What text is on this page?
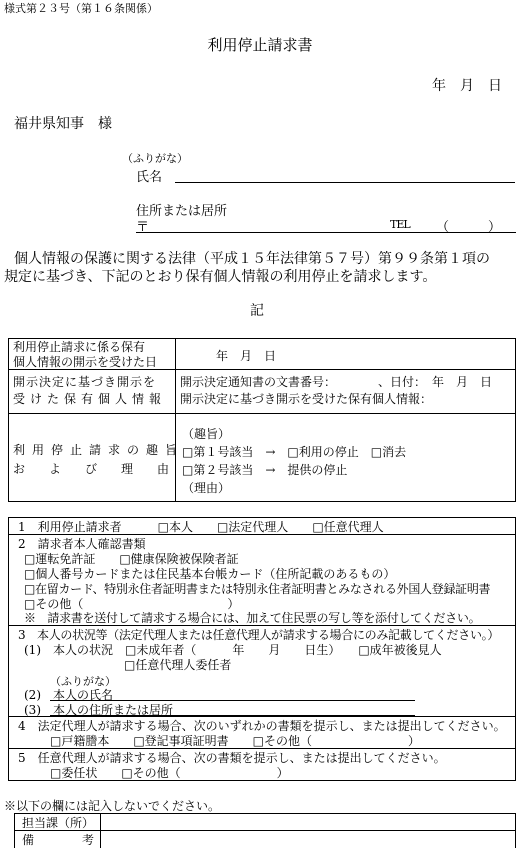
様式第２３号（第１６条関係）
利用停止請求書
年　月　日
福井県知事　様
（ふりがな）
氏名
住所または居所
〒	TEL （　　　）
個人情報の保護に関する法律（平成１５年法律第５７号）第９９条第１項の
規定に基づき、下記のとおり保有個人情報の利用停止を請求します。
記
利用停止請求に係る保有
個人情報の開示を受けた日	年　月　日
開示決定に基づき開示を
受けた保有個人情報
開示決定通知書の文書番号：　　　　、日付：　年　月　日
開示決定に基づき開示を受けた保有個人情報：
利用停止請求の趣旨
および理由
（趣旨）
□第１号該当　→　□利用の停止　□消去
□第２号該当　→　提供の停止
（理由）
1　利用停止請求者　　　□本人　　□法定代理人　　□任意代理人
2　請求者本人確認書類
□運転免許証　　□健康保険被保険者証
□個人番号カードまたは住民基本台帳カード（住所記載のあるもの）
□在留カード、特別永住者証明書または特別永住者証明書とみなされる外国人登録証明書
□その他（　　　　　　　　　　　　）
※　請求書を送付して請求する場合には、加えて住民票の写し等を添付してください。
3　本人の状況等（法定代理人または任意代理人が請求する場合にのみ記載してください。）
(1)　本人の状況　□未成年者（　　　年　　月　　日生）　　□成年被後見人
□任意代理人委任者
（ふりがな）
(2)　本人の氏名
(3)　本人の住所または居所
4　法定代理人が請求する場合、次のいずれかの書類を提示し、または提出してください。
□戸籍謄本　　□登記事項証明書　　□その他（　　　　　　　　）
5　任意代理人が請求する場合、次の書類を提示し、または提出してください。
□委任状　　□その他（　　　　　　　　）
※以下の欄には記入しないでください。
担当課（所）
備　　　　考
